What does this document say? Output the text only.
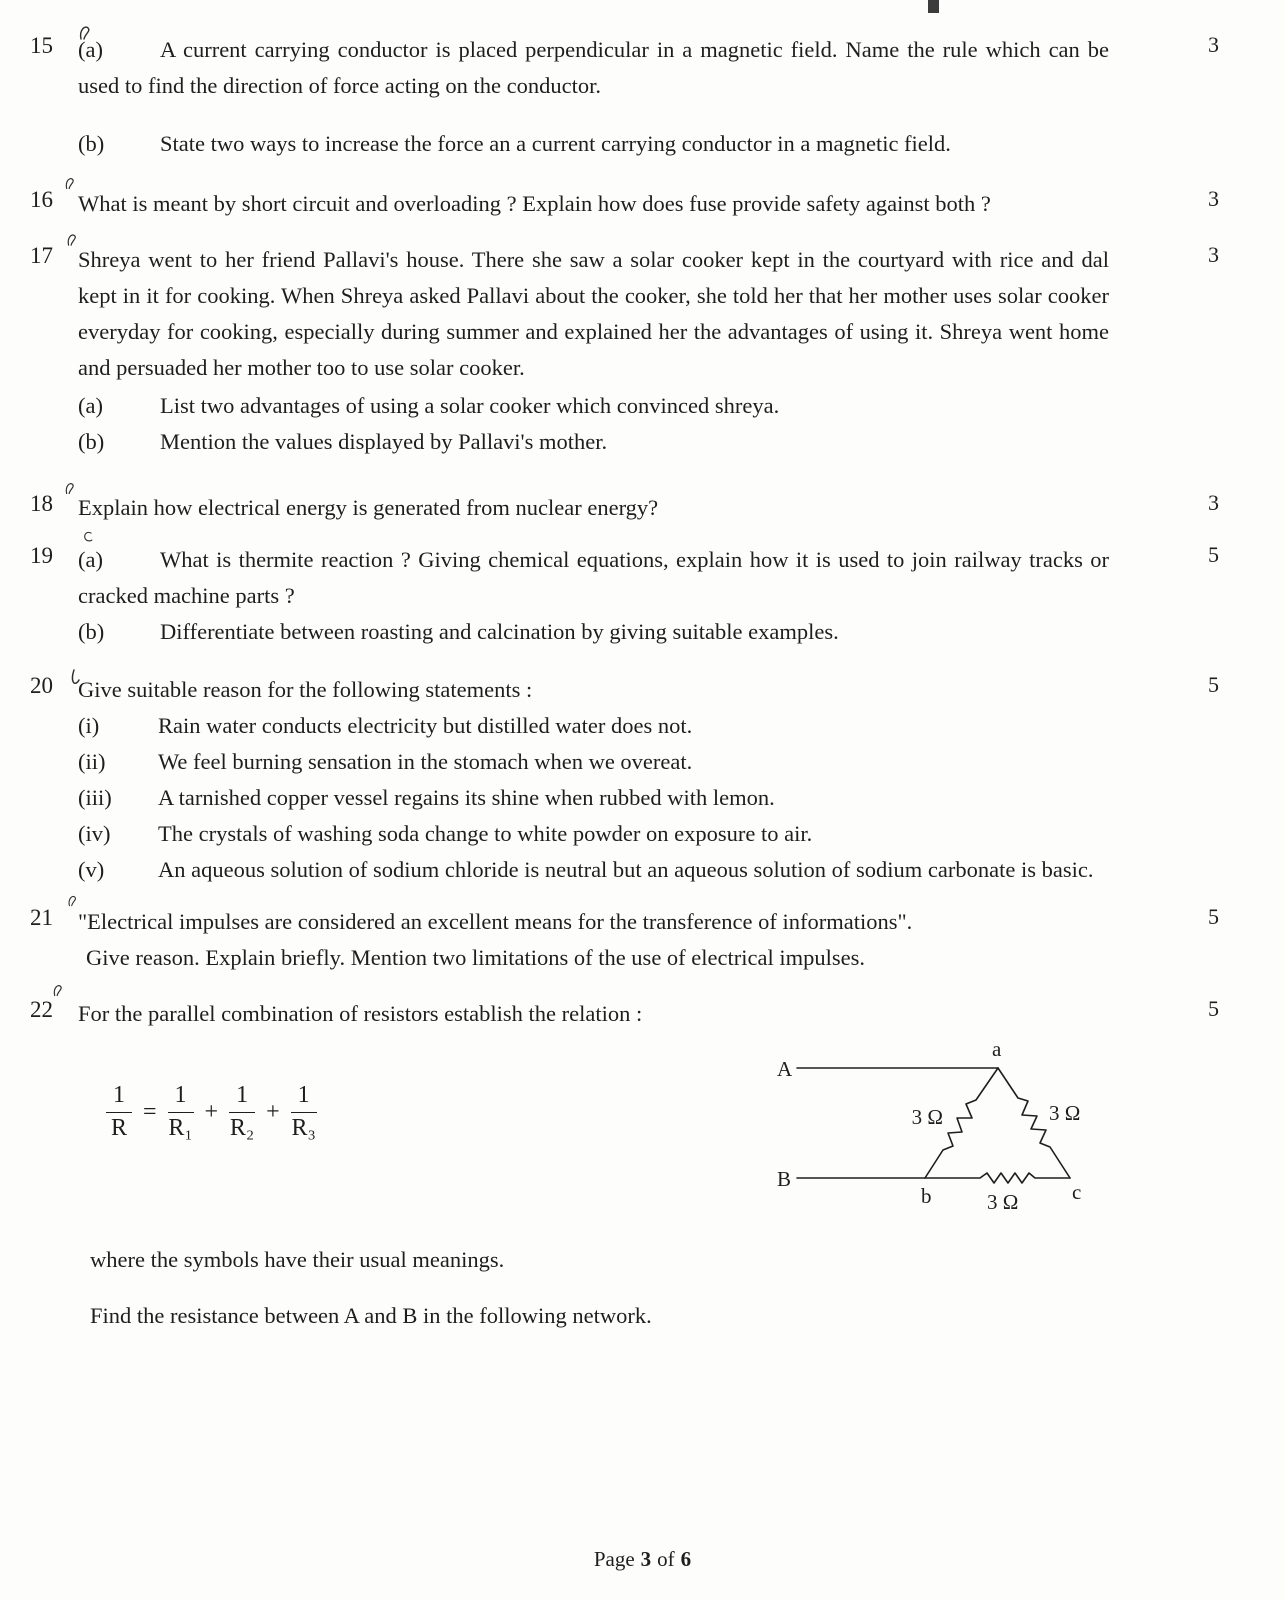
15	(a)	A current carrying conductor is placed perpendicular in a magnetic field. Name the rule which can be used to find the direction of force acting on the conductor.

(b) State two ways to increase the force an a current carrying conductor in a magnetic field.

3
16	What is meant by short circuit and overloading ? Explain how does fuse provide safety against both ?	3
17	Shreya went to her friend Pallavi's house. There she saw a solar cooker kept in the courtyard with rice and dal kept in it for cooking. When Shreya asked Pallavi about the cooker, she told her that her mother uses solar cooker everyday for cooking, especially during summer and explained her the advantages of using it. Shreya went home and persuaded her mother too to use solar cooker.

(a)	List two advantages of using a solar cooker which convinced shreya.

(b) Mention the values displayed by Pallavi's mother.

3
18	Explain how electrical energy is generated from nuclear energy?	3
19	(a)	What is thermite reaction ? Giving chemical equations, explain how it is used to join railway tracks or cracked machine parts ?

(b) Differentiate between roasting and calcination by giving suitable examples.

5
20	Give suitable reason for the following statements :

(i)	Rain water conducts electricity but distilled water does not.

(ii) We feel burning sensation in the stomach when we overeat.

(iii) A tarnished copper vessel regains its shine when rubbed with lemon.

(iv) The crystals of washing soda change to white powder on exposure to air.

(v) An aqueous solution of sodium chloride is neutral but an aqueous solution of sodium carbonate is basic.

5
21	"Electrical impulses are considered an excellent means for the transference of informations".
Give reason. Explain briefly. Mention two limitations of the use of electrical impulses.
5
22	For the parallel combination of resistors establish the relation :

$\frac{1}{R} = \frac{1}{\text{R₁}} + \frac{1}{\text{R₂}} + \frac{1}{\text{R₃}}$
A
B
a
b	c
3 Ω	3 Ω
3 Ω

where the symbols have their usual meanings.

Find the resistance between A and B in the following network.

5
Page 3 of 6
